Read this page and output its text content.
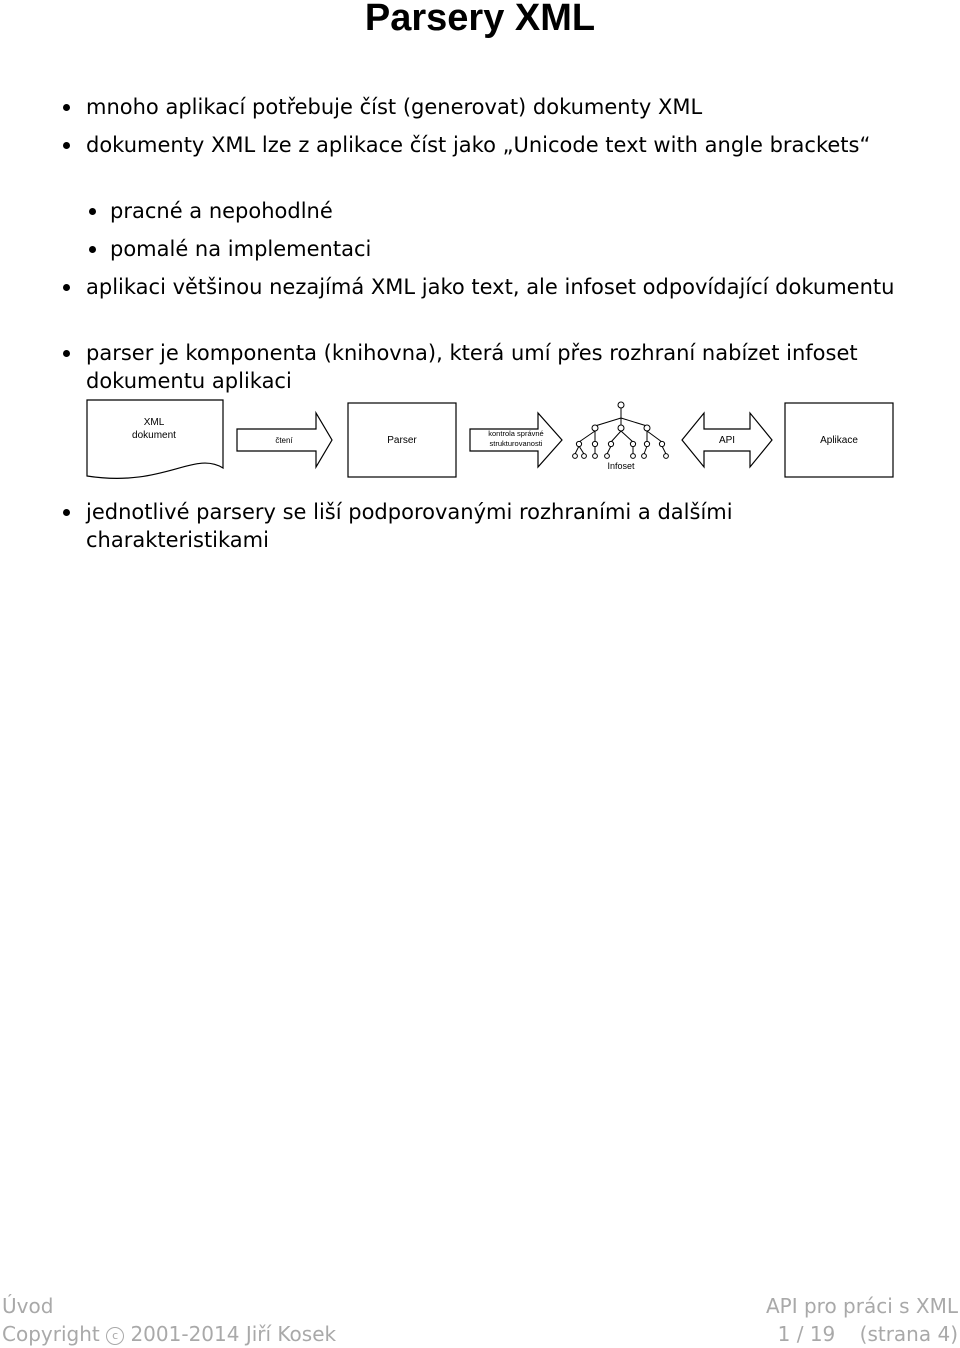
Parsery XML
mnoho aplikací potřebuje číst (generovat) dokumenty XML
dokumenty XML lze z aplikace číst jako „Unicode text with angle brackets“
pracné a nepohodlné
pomalé na implementaci
aplikaci většinou nezajímá XML jako text, ale infoset odpovídající dokumentu
parser je komponenta (knihovna), která umí přes rozhraní nabízet infoset dokumentu aplikaci
jednotlivé parsery se liší podporovanými rozhraními a dalšími charakteristikami
XML
dokument	čtení	Parser
kontrola správné
strukturovanosti
Infoset
API	Aplikace
Úvod
Copyright c 2001-2014 Jiří Kosek
API pro práci s XML
1 / 19 (strana 4)
